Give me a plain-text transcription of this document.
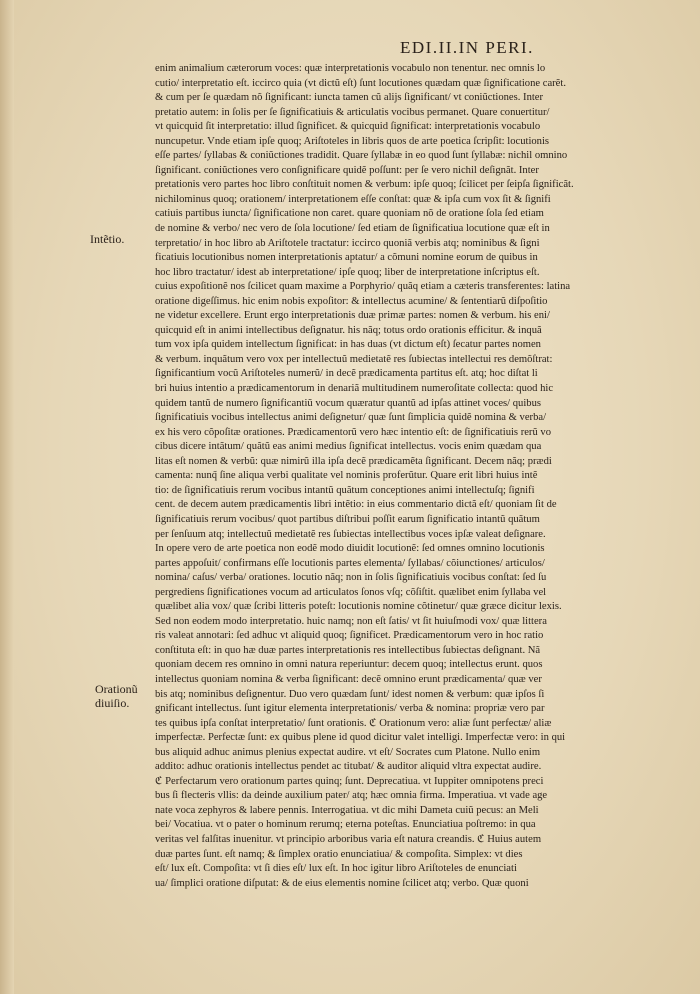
EDI.II.IN PERI.
Intẽtio.
Orationũ
diuiſio.
enim animalium cæterorum voces: quæ interpretationis vocabulo non tenentur. nec omnis lo
cutio/ interpretatio eſt. iccirco quia (vt dictũ eſt) ſunt locutiones quædam quæ ſignificatione carẽt.
& cum per ſe quædam nõ ſignificant: iuncta tamen cũ alijs ſignificant/ vt coniũctiones. Inter
pretatio autem: in ſolis per ſe ſignificatiuis & articulatis vocibus permanet. Quare conuertitur/
vt quicquid ſit interpretatio: illud ſignificet. & quicquid ſignificat: interpretationis vocabulo
nuncupetur. Vnde etiam ipſe quoq; Ariſtoteles in libris quos de arte poetica ſcripſit: locutionis
eſſe partes/ ſyllabas & coniũctiones tradidit. Quare ſyllabæ in eo quod ſunt ſyllabæ: nichil omnino
ſignificant. coniũctiones vero conſignificare quidẽ poſſunt: per ſe vero nichil deſignãt. Inter
pretationis vero partes hoc libro conſtituit nomen & verbum: ipſe quoq; ſcilicet per ſeipſa ſignificãt.
nichilominus quoq; orationem/ interpretationem eſſe conſtat: quæ & ipſa cum vox ſit & ſignifi
catiuis partibus iuncta/ ſignificatione non caret. quare quoniam nõ de oratione ſola ſed etiam
de nomine & verbo/ nec vero de ſola locutione/ ſed etiam de ſignificatiua locutione quæ eſt in
terpretatio/ in hoc libro ab Ariſtotele tractatur: iccirco quoniã verbis atq; nominibus & ſigni
ficatiuis locutionibus nomen interpretationis aptatur/ a cõmuni nomine eorum de quibus in
hoc libro tractatur/ idest ab interpretatione/ ipſe quoq; liber de interpretatione inſcriptus eſt.
cuius expoſitionẽ nos ſcilicet quam maxime a Porphyrio/ quãq etiam a cæteris transferentes: latina
oratione digeſſimus. hic enim nobis expoſitor: & intellectus acumine/ & ſententiarũ diſpoſitio
ne videtur excellere. Erunt ergo interpretationis duæ primæ partes: nomen & verbum. his eni/
quicquid eſt in animi intellectibus deſignatur. his nãq; totus ordo orationis efficitur. & inquã
tum vox ipſa quidem intellectum ſignificat: in has duas (vt dictum eſt) ſecatur partes nomen
& verbum. inquãtum vero vox per intellectuũ medietatẽ res ſubiectas intellectui res demõſtrat:
ſignificantium vocũ Ariſtoteles numerũ/ in decẽ prædicamenta partitus eſt. atq; hoc diſtat li
bri huius intentio a prædicamentorum in denariã multitudinem numeroſitate collecta: quod hic
quidem tantũ de numero ſignificantiũ vocum quæratur quantũ ad ipſas attinet voces/ quibus
ſignificatiuis vocibus intellectus animi deſignetur/ quæ ſunt ſimplicia quidẽ nomina & verba/
ex his vero cõpoſitæ orationes. Prædicamentorũ vero hæc intentio eſt: de ſignificatiuis rerũ vo
cibus dicere intãtum/ quãtũ eas animi medius ſignificat intellectus. vocis enim quædam qua
litas eſt nomen & verbũ: quæ nimirũ illa ipſa decẽ prædicamẽta ſignificant. Decem nãq; prædi
camenta: nunq̃ ſine aliqua verbi qualitate vel nominis proferũtur. Quare erit libri huius intẽ
tio: de ſignificatiuis rerum vocibus intantũ quãtum conceptiones animi intellectuſq; ſignifi
cent. de decem autem prædicamentis libri intẽtio: in eius commentario dictã eſt/ quoniam ſit de
ſignificatiuis rerum vocibus/ quot partibus diſtribui poſſit earum ſignificatio intantũ quãtum
per ſenſuum atq; intellectuũ medietatẽ res ſubiectas intellectibus voces ipſæ valeat deſignare.
In opere vero de arte poetica non eodẽ modo diuidit locutionẽ: ſed omnes omnino locutionis
partes appoſuit/ confirmans eſſe locutionis partes elementa/ ſyllabas/ cõiunctiones/ articulos/
nomina/ caſus/ verba/ orationes. locutio nãq; non in ſolis ſignificatiuis vocibus conſtat: ſed ſu
pergrediens ſignificationes vocum ad articulatos ſonos vſq; cõſiſtit. quælibet enim ſyllaba vel
quælibet alia vox/ quæ ſcribi litteris poteſt: locutionis nomine cõtinetur/ quæ græce dicitur lexis.
Sed non eodem modo interpretatio. huic namq; non eſt ſatis/ vt ſit huiuſmodi vox/ quæ littera
ris valeat annotari: ſed adhuc vt aliquid quoq; ſignificet. Prædicamentorum vero in hoc ratio
conſtituta eſt: in quo hæ duæ partes interpretationis res intellectibus ſubiectas deſignant. Nã
quoniam decem res omnino in omni natura reperiuntur: decem quoq; intellectus erunt. quos
intellectus quoniam nomina & verba ſignificant: decẽ omnino erunt prædicamenta/ quæ ver
bis atq; nominibus deſignentur. Duo vero quædam ſunt/ idest nomen & verbum: quæ ipſos ſi
gnificant intellectus. ſunt igitur elementa interpretationis/ verba & nomina: propriæ vero par
tes quibus ipſa conſtat interpretatio/ ſunt orationis. ℭ Orationum vero: aliæ ſunt perfectæ/ aliæ
imperfectæ. Perfectæ ſunt: ex quibus plene id quod dicitur valet intelligi. Imperfectæ vero: in qui
bus aliquid adhuc animus plenius expectat audire. vt eſt/ Socrates cum Platone. Nullo enim
addito: adhuc orationis intellectus pendet ac titubat/ & auditor aliquid vltra expectat audire.
ℭ Perfectarum vero orationum partes quinq; ſunt. Deprecatiua. vt Iuppiter omnipotens preci
bus ſi flecteris vllis: da deinde auxilium pater/ atq; hæc omnia firma. Imperatiua. vt vade age
nate voca zephyros & labere pennis. Interrogatiua. vt dic mihi Dameta cuiũ pecus: an Meli
bei/ Vocatiua. vt o pater o hominum rerumq; eterna poteſtas. Enunciatiua poſtremo: in qua
veritas vel falſitas inuenitur. vt principio arboribus varia eſt natura creandis. ℭ Huius autem
duæ partes ſunt. eſt namq; & ſimplex oratio enunciatiua/ & compoſita. Simplex: vt dies
eſt/ lux eſt. Compoſita: vt ſi dies eſt/ lux eſt. In hoc igitur libro Ariſtoteles de enunciati
ua/ ſimplici oratione diſputat: & de eius elementis nomine ſcilicet atq; verbo. Quæ quoni
